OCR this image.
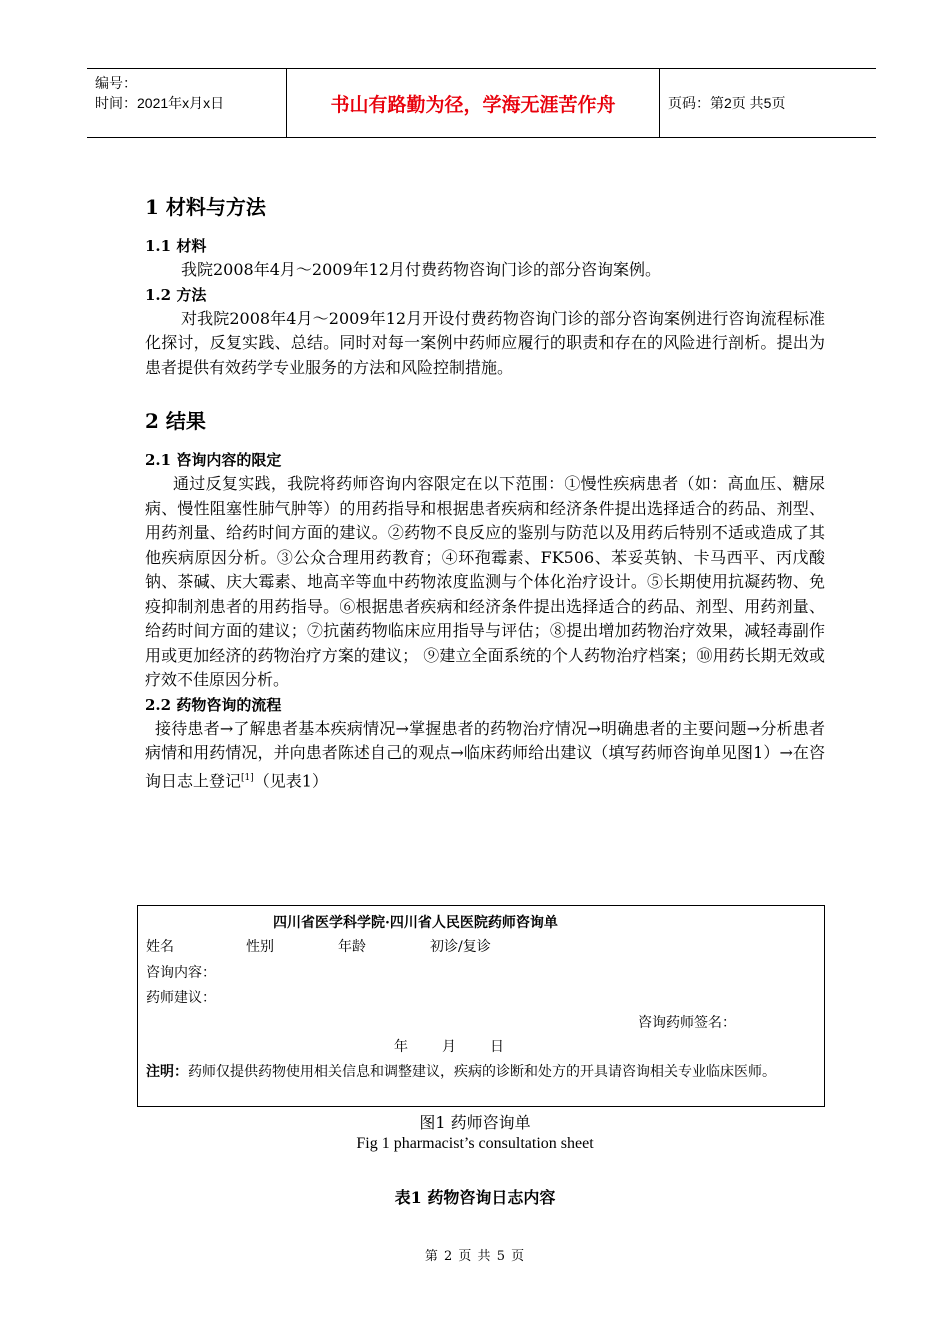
编号：
时间：2021年x月x日	书山有路勤为径，学海无涯苦作舟	页码：第2页 共5页
1 材料与方法
1.1 材料

我院2008年4月～2009年12月付费药物咨询门诊的部分咨询案例。

1.2 方法

对我院2008年4月～2009年12月开设付费药物咨询门诊的部分咨询案例进行咨询流程标准化探讨，反复实践、总结。同时对每一案例中药师应履行的职责和存在的风险进行剖析。提出为患者提供有效药学专业服务的方法和风险控制措施。

2 结果
2.1 咨询内容的限定

通过反复实践，我院将药师咨询内容限定在以下范围：①慢性疾病患者（如：高血压、糖尿病、慢性阻塞性肺气肿等）的用药指导和根据患者疾病和经济条件提出选择适合的药品、剂型、用药剂量、给药时间方面的建议。②药物不良反应的鉴别与防范以及用药后特别不适或造成了其他疾病原因分析。③公众合理用药教育；④环孢霉素、FK506、苯妥英钠、卡马西平、丙戊酸钠、茶碱、庆大霉素、地高辛等血中药物浓度监测与个体化治疗设计。⑤长期使用抗凝药物、免疫抑制剂患者的用药指导。⑥根据患者疾病和经济条件提出选择适合的药品、剂型、用药剂量、给药时间方面的建议；⑦抗菌药物临床应用指导与评估；⑧提出增加药物治疗效果，减轻毒副作用或更加经济的药物治疗方案的建议； ⑨建立全面系统的个人药物治疗档案；⑩用药长期无效或疗效不佳原因分析。

2.2 药物咨询的流程

接待患者→了解患者基本疾病情况→掌握患者的药物治疗情况→明确患者的主要问题→分析患者病情和用药情况，并向患者陈述自己的观点→临床药师给出建议（填写药师咨询单见图1）→在咨询日志上登记[1]（见表1）

四川省医学科学院·四川省人民医院药师咨询单
姓名	性别	年龄	初诊/复诊
咨询内容：
药师建议：
咨询药师签名：
年 月 日
注明：药师仅提供药物使用相关信息和调整建议，疾病的诊断和处方的开具请咨询相关专业临床医师。
图1 药师咨询单
Fig 1 pharmacist’s consultation sheet
表1 药物咨询日志内容
第 2 页 共 5 页
